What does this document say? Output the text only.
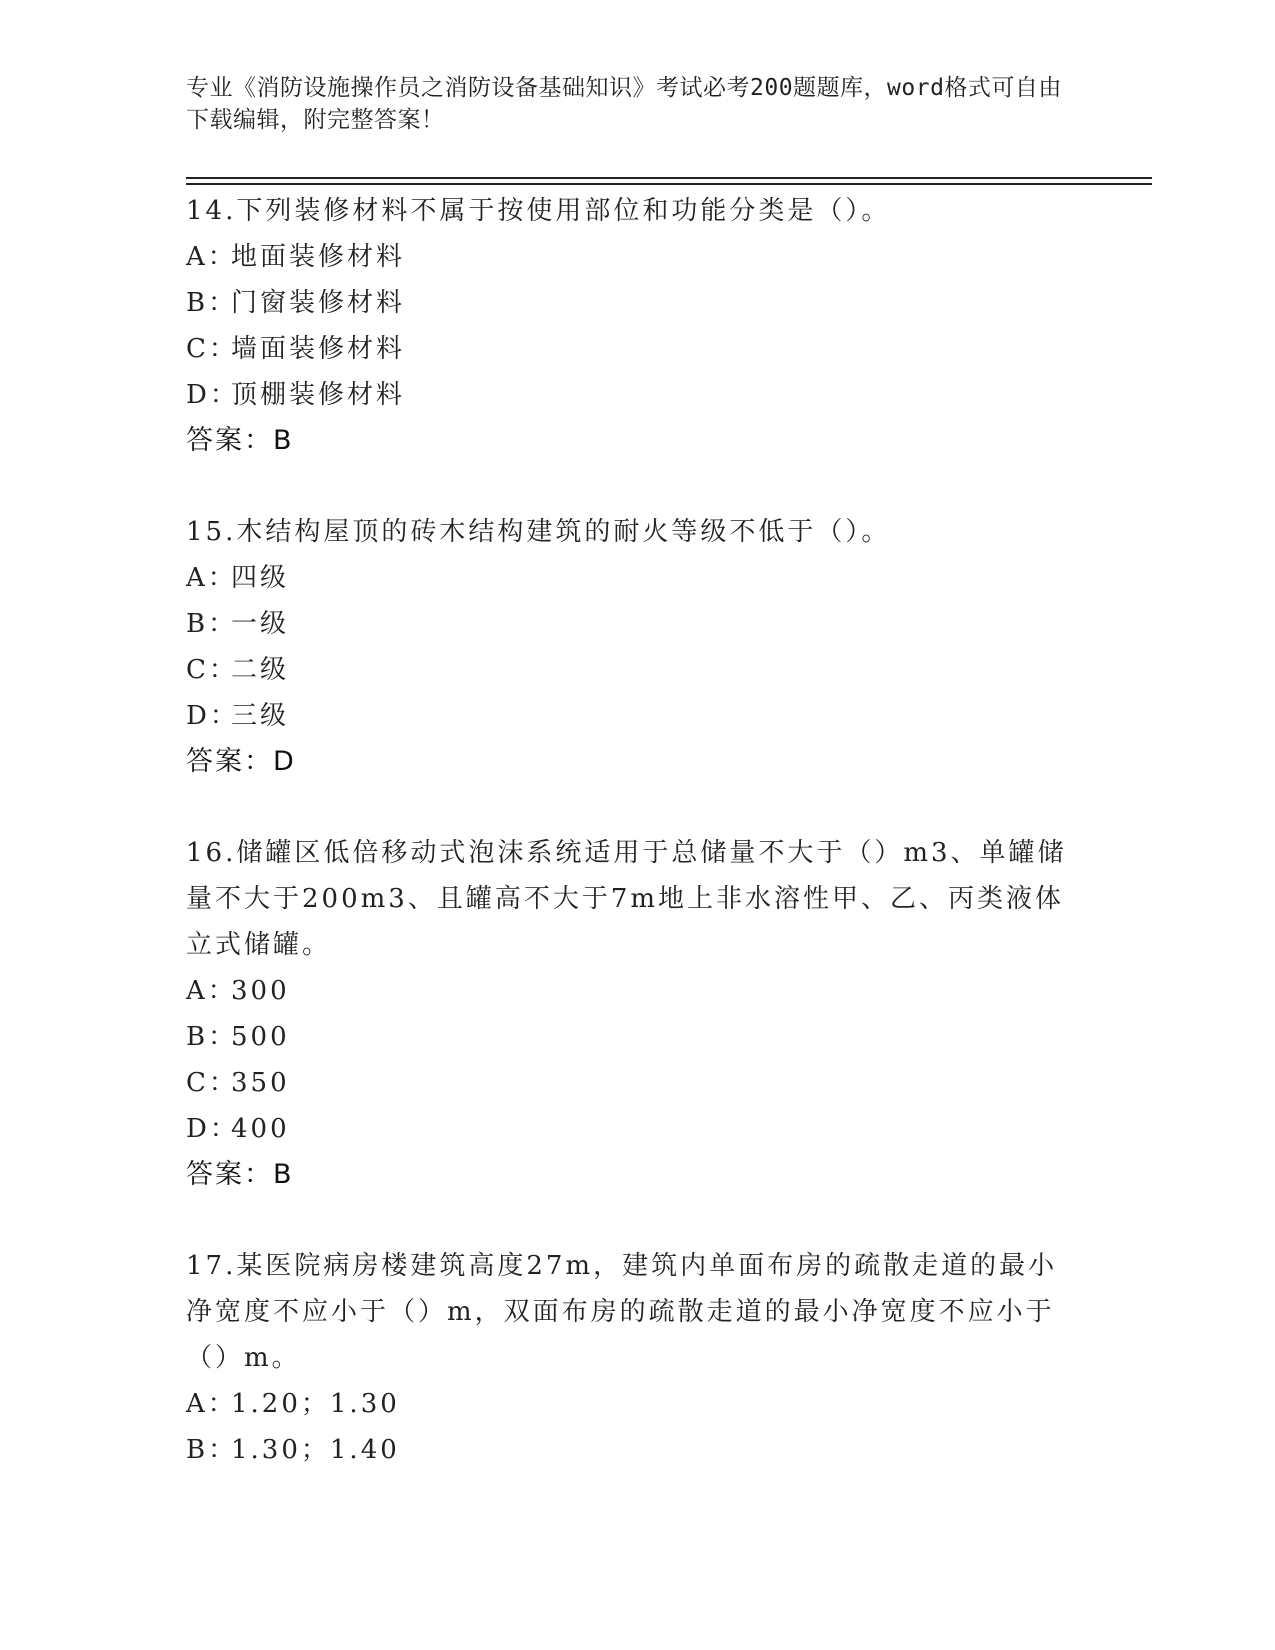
专业《消防设施操作员之消防设备基础知识》考试必考200题题库，word格式可自由下载编辑，附完整答案！

14.下列装修材料不属于按使用部位和功能分类是（）。

A：
地面装修材料
B：
门窗装修材料
C：
墙面装修材料
D：
顶棚装修材料
答案：B

15.木结构屋顶的砖木结构建筑的耐火等级不低于（）。

A：
四级
B：
一级
C：
二级
D：
三级
答案：D

16.储罐区低倍移动式泡沫系统适用于总储量不大于（）m3、单罐储量不大于200m3、且罐高不大于7m地上非水溶性甲、乙、丙类液体立式储罐。

A：
300
B：
500
C：
350
D：
400
答案：B

17.某医院病房楼建筑高度27m，建筑内单面布房的疏散走道的最小净宽度不应小于（）m，双面布房的疏散走道的最小净宽度不应小于（）m。

A：
1.20；1.30
B：
1.30；1.40
